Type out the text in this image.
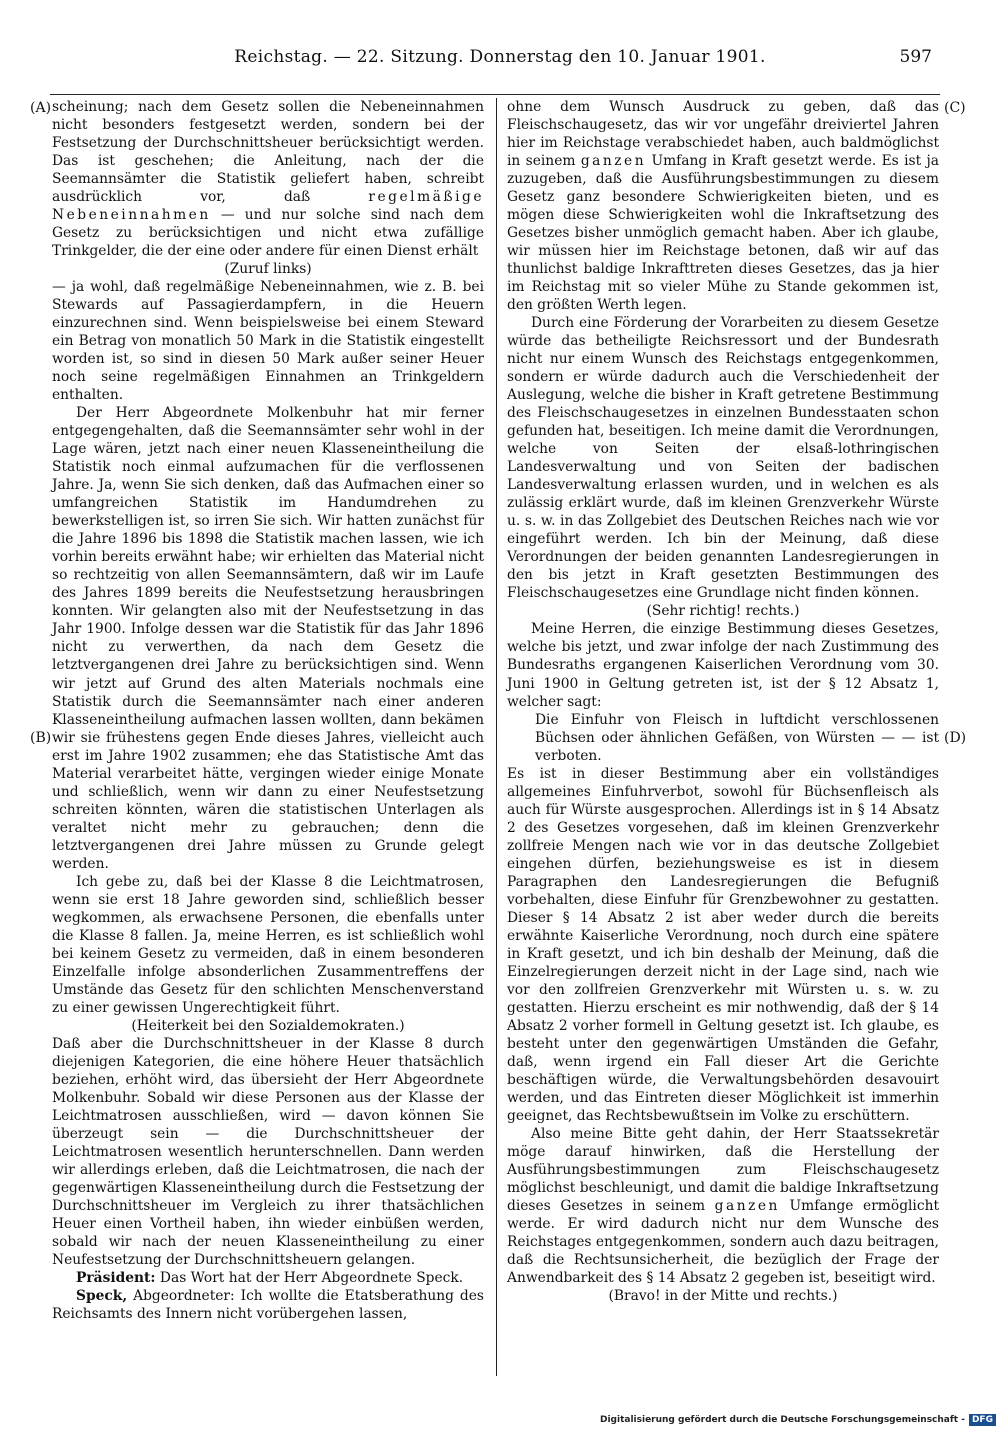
Reichstag. — 22. Sitzung. Donnerstag den 10. Januar 1901.	597
(A)
(B)
(C)
(D)

scheinung; nach dem Gesetz sollen die Nebeneinnahmen nicht besonders festgesetzt werden, sondern bei der Festsetzung der Durchschnittsheuer berücksichtigt werden. Das ist geschehen; die Anleitung, nach der die Seemannsämter die Statistik geliefert haben, schreibt ausdrücklich vor, daß	regelmäßige Nebeneinnahmen — und nur solche sind nach dem Gesetz zu berücksichtigen und nicht etwa zufällige Trinkgelder, die der eine oder andere für einen Dienst erhält

(Zuruf links)

— ja wohl, daß regelmäßige Nebeneinnahmen, wie z. B. bei Stewards auf Passagierdampfern, in die Heuern einzurechnen sind. Wenn beispielsweise bei einem Steward ein Betrag von monatlich 50 Mark in die Statistik eingestellt worden ist, so sind in diesen 50 Mark außer seiner Heuer noch seine regelmäßigen Einnahmen an Trinkgeldern enthalten.

Der Herr Abgeordnete Molkenbuhr hat mir ferner entgegengehalten, daß die Seemannsämter sehr wohl in der Lage wären, jetzt nach einer neuen Klasseneintheilung die Statistik noch einmal aufzumachen für die verflossenen Jahre. Ja, wenn Sie sich denken, daß das Aufmachen einer so umfangreichen Statistik im Handumdrehen zu bewerkstelligen ist, so irren Sie sich. Wir hatten zunächst für die Jahre 1896 bis 1898 die Statistik machen lassen, wie ich vorhin bereits erwähnt habe; wir erhielten das Material nicht so rechtzeitig von allen Seemannsämtern, daß wir im Laufe des Jahres 1899 bereits die Neufestsetzung herausbringen konnten. Wir gelangten also mit der Neufestsetzung in das Jahr 1900. Infolge dessen war die Statistik für das Jahr 1896 nicht zu verwerthen, da nach dem Gesetz die letztvergangenen drei Jahre zu berücksichtigen sind. Wenn wir jetzt auf Grund des alten Materials nochmals eine Statistik durch die Seemannsämter nach einer anderen Klasseneintheilung aufmachen lassen wollten, dann bekämen wir sie frühestens gegen Ende dieses Jahres, vielleicht auch erst im Jahre 1902 zusammen; ehe das Statistische Amt das Material verarbeitet hätte, vergingen wieder einige Monate und schließlich, wenn wir dann zu einer Neufestsetzung schreiten könnten, wären die statistischen Unterlagen als veraltet nicht mehr zu gebrauchen; denn die letztvergangenen drei Jahre müssen zu Grunde gelegt werden.

Ich gebe zu, daß bei der Klasse 8 die Leichtmatrosen, wenn sie erst 18 Jahre geworden sind, schließlich besser wegkommen, als erwachsene Personen, die ebenfalls unter die Klasse 8 fallen. Ja, meine Herren, es ist schließlich wohl bei keinem Gesetz zu vermeiden, daß in einem besonderen Einzelfalle infolge absonderlichen Zusammentreffens der Umstände das Gesetz für den schlichten Menschenverstand zu einer gewissen Ungerechtigkeit führt.

(Heiterkeit bei den Sozialdemokraten.)

Daß aber die Durchschnittsheuer in der Klasse 8 durch diejenigen Kategorien, die eine höhere Heuer thatsächlich beziehen, erhöht wird, das übersieht der Herr Abgeordnete Molkenbuhr. Sobald wir diese Personen aus der Klasse der Leichtmatrosen ausschließen, wird — davon können Sie überzeugt sein — die Durchschnittsheuer der Leichtmatrosen wesentlich herunterschnellen. Dann werden wir allerdings erleben, daß die Leichtmatrosen, die nach der gegenwärtigen Klasseneintheilung durch die Festsetzung der Durchschnittsheuer im Vergleich zu ihrer thatsächlichen Heuer einen Vortheil haben, ihn wieder einbüßen werden, sobald wir nach der neuen Klasseneintheilung zu einer Neufestsetzung der Durchschnittsheuern gelangen.

Präsident: Das Wort hat der Herr Abgeordnete Speck.

Speck, Abgeordneter: Ich wollte die Etatsberathung des Reichsamts des Innern nicht vorübergehen lassen,

ohne dem Wunsch Ausdruck zu geben, daß das Fleischschaugesetz, das wir vor ungefähr dreiviertel Jahren hier im Reichstage verabschiedet haben, auch baldmöglichst in seinem ganzen Umfang in Kraft gesetzt werde. Es ist ja zuzugeben, daß die Ausführungsbestimmungen zu diesem Gesetz ganz besondere Schwierigkeiten bieten, und es mögen diese Schwierigkeiten wohl die Inkraftsetzung des Gesetzes bisher unmöglich gemacht haben. Aber ich glaube, wir müssen hier im Reichstage betonen, daß wir auf das thunlichst baldige Inkrafttreten dieses Gesetzes, das ja hier im Reichstag mit so vieler Mühe zu Stande gekommen ist, den größten Werth legen.

Durch eine Förderung der Vorarbeiten zu diesem Gesetze würde das betheiligte Reichsressort und der Bundesrath nicht nur einem Wunsch des Reichstags entgegenkommen, sondern er würde dadurch auch die Verschiedenheit der Auslegung, welche die bisher in Kraft getretene Bestimmung des Fleischschaugesetzes in einzelnen Bundesstaaten schon gefunden hat, beseitigen. Ich meine damit die Verordnungen, welche von Seiten der elsaß-lothringischen Landesverwaltung und von Seiten der badischen Landesverwaltung erlassen wurden, und in welchen es als zulässig erklärt wurde, daß im kleinen Grenzverkehr Würste u. s. w. in das Zollgebiet des Deutschen Reiches nach wie vor eingeführt werden. Ich bin der Meinung, daß diese Verordnungen der beiden genannten Landesregierungen in den bis jetzt in Kraft gesetzten Bestimmungen des Fleischschaugesetzes eine Grundlage nicht finden können.

(Sehr richtig! rechts.)

Meine Herren, die einzige Bestimmung dieses Gesetzes, welche bis jetzt, und zwar infolge der nach Zustimmung des Bundesraths ergangenen Kaiserlichen Verordnung vom 30. Juni 1900 in Geltung getreten ist, ist der § 12 Absatz 1, welcher sagt:

Die Einfuhr von Fleisch in luftdicht verschlossenen Büchsen oder ähnlichen Gefäßen, von Würsten — — ist verboten.

Es ist in dieser Bestimmung aber ein vollständiges allgemeines Einfuhrverbot, sowohl für Büchsenfleisch als auch für Würste ausgesprochen. Allerdings ist in § 14 Absatz 2 des Gesetzes vorgesehen, daß im kleinen Grenzverkehr zollfreie Mengen nach wie vor in das deutsche Zollgebiet eingehen dürfen, beziehungsweise es ist in diesem Paragraphen den Landesregierungen die Befugniß vorbehalten, diese Einfuhr für Grenzbewohner zu gestatten. Dieser § 14 Absatz 2 ist aber weder durch die bereits erwähnte Kaiserliche Verordnung, noch durch eine spätere in Kraft gesetzt, und ich bin deshalb der Meinung, daß die Einzelregierungen derzeit nicht in der Lage sind, nach wie vor den zollfreien Grenzverkehr mit Würsten u. s. w. zu gestatten. Hierzu erscheint es mir nothwendig, daß der § 14 Absatz 2 vorher formell in Geltung gesetzt ist. Ich glaube, es besteht unter den gegenwärtigen Umständen die Gefahr, daß, wenn irgend ein Fall dieser Art die Gerichte beschäftigen würde, die Verwaltungsbehörden desavouirt werden, und das Eintreten dieser Möglichkeit ist immerhin geeignet, das Rechtsbewußtsein im Volke zu erschüttern.

Also meine Bitte geht dahin, der Herr Staatssekretär möge darauf hinwirken, daß die Herstellung der Ausführungsbestimmungen zum Fleischschaugesetz möglichst beschleunigt, und damit die baldige Inkraftsetzung dieses Gesetzes in seinem ganzen Umfange ermöglicht werde. Er wird dadurch nicht nur dem Wunsche des Reichstages entgegenkommen, sondern auch dazu beitragen, daß die Rechtsunsicherheit, die bezüglich der Frage der Anwendbarkeit des § 14 Absatz 2 gegeben ist, beseitigt wird.

(Bravo! in der Mitte und rechts.)

Digitalisierung gefördert durch die Deutsche Forschungsgemeinschaft - DFG
